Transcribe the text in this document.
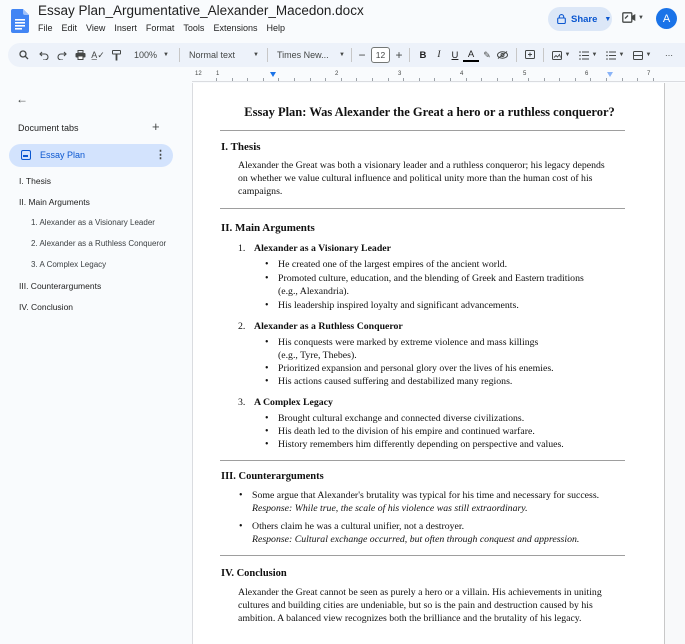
Essay Plan_Argumentative_Alexander_Macedon.docx
File Edit View Insert Format Tools Extensions Help
Share ▼	▼	A
A̲✓	100% ▼ Normal text	▼ Times New... ▼ −	12 +	B	I	U A	✎	▼	▼	▼	▼	⋯
←
Document tabs	+
Essay Plan	⋮
I. Thesis
II. Main Arguments
1. Alexander as a Visionary Leader
2. Alexander as a Ruthless Conqueror
3. A Complex Legacy
III. Counterarguments
IV. Conclusion
12 1	2	3	4	5	6	7
Essay Plan: Was Alexander the Great a hero or a ruthless conqueror?
I. Thesis
Alexander the Great was both a visionary leader and a ruthless conqueror; his legacy depends
on whether we value cultural influence and political unity more than the human cost of his
campaigns.
II. Main Arguments
1. Alexander as a Visionary Leader
• He created one of the largest empires of the ancient world.
• Promoted culture, education, and the blending of Greek and Eastern traditions
(e.g., Alexandria).
• His leadership inspired loyalty and significant advancements.
2. Alexander as a Ruthless Conqueror
• His conquests were marked by extreme violence and mass killings
(e.g., Tyre, Thebes).
• Prioritized expansion and personal glory over the lives of his enemies.
• His actions caused suffering and destabilized many regions.
3. A Complex Legacy
• Brought cultural exchange and connected diverse civilizations.
• His death led to the division of his empire and continued warfare.
• History remembers him differently depending on perspective and values.
III. Counterarguments
• Some argue that Alexander's brutality was typical for his time and necessary for success.
Response: While true, the scale of his violence was still extraordinary.
• Others claim he was a cultural unifier, not a destroyer.
Response: Cultural exchange occurred, but often through conquest and appression.
IV. Conclusion
Alexander the Great cannot be seen as purely a hero or a villain. His achievements in uniting
cultures and building cities are undeniable, but so is the pain and destruction caused by his
ambition. A balanced view recognizes both the brilliance and the brutality of his legacy.
